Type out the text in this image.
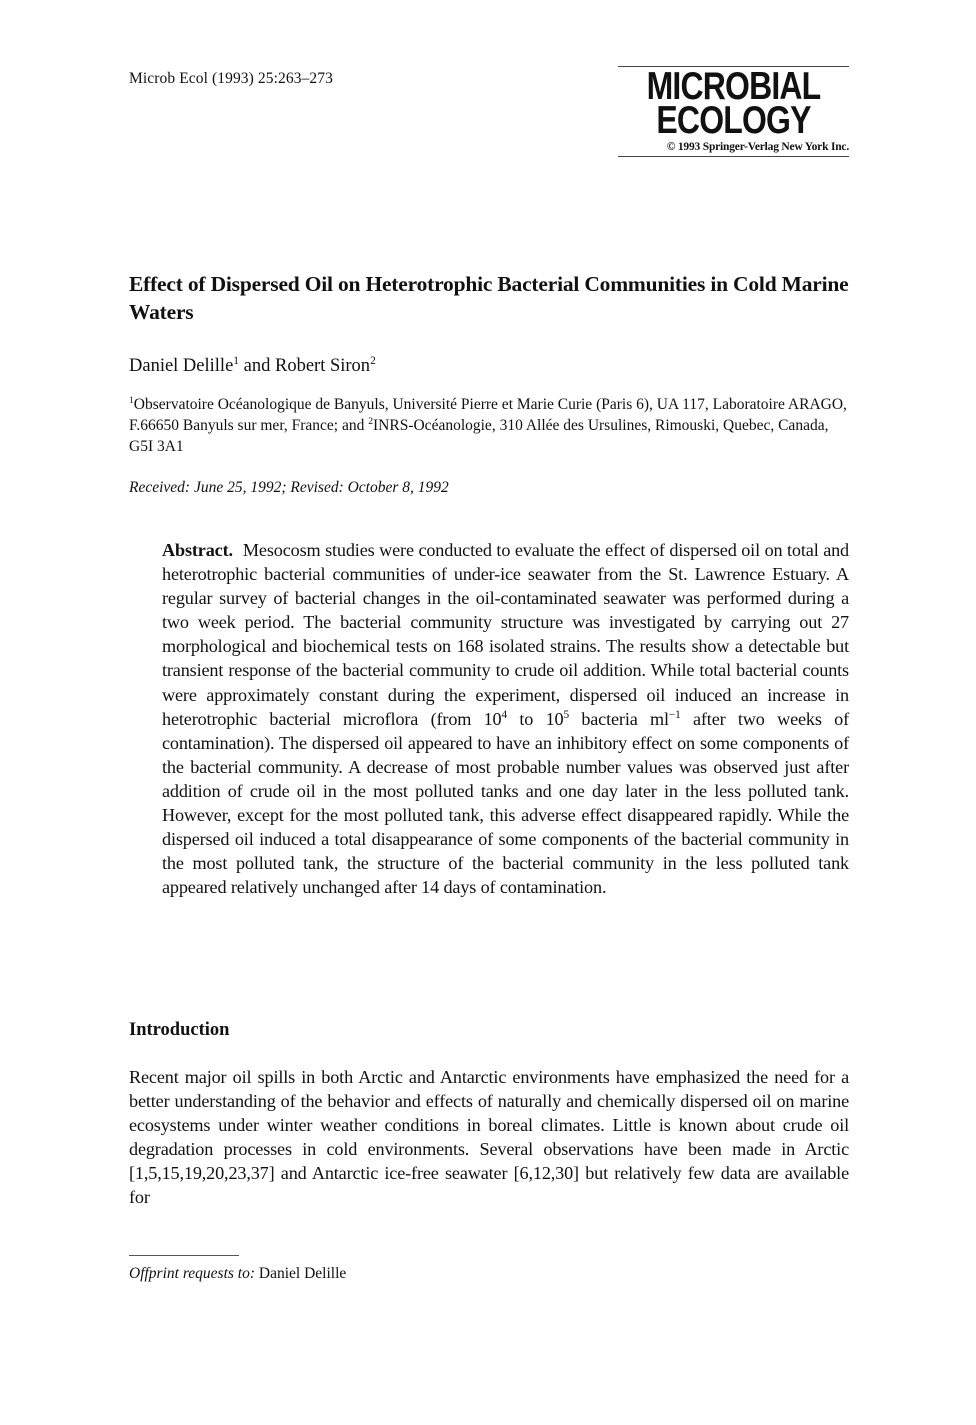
Microb Ecol (1993) 25:263–273	MICROBIAL
ECOLOGY
© 1993 Springer-Verlag New York Inc.
Effect of Dispersed Oil on Heterotrophic Bacterial Communities in Cold Marine Waters
Daniel Delille$^1$ and Robert Siron$^2$
$^1$Observatoire Océanologique de Banyuls, Université Pierre et Marie Curie (Paris 6), UA 117, Laboratoire ARAGO, F.66650 Banyuls sur mer, France; and $^2$INRS-Océanologie, 310 Allée des Ursulines, Rimouski, Quebec, Canada, G5I 3A1
Received: June 25, 1992; Revised: October 8, 1992
Abstract. Mesocosm studies were conducted to evaluate the effect of dispersed oil on total and heterotrophic bacterial communities of under-ice seawater from the St. Lawrence Estuary. A regular survey of bacterial changes in the oil-contaminated seawater was performed during a two week period. The bacterial community structure was investigated by carrying out 27 morphological and biochemical tests on 168 isolated strains. The results show a detectable but transient response of the bacterial community to crude oil addition. While total bacterial counts were approximately constant during the experiment, dispersed oil induced an increase in heterotrophic bacterial microflora (from $10^4$ to $10^5$ bacteria $ml^{-1}$ after two weeks of contamination). The dispersed oil appeared to have an inhibitory effect on some components of the bacterial community. A decrease of most probable number values was observed just after addition of crude oil in the most polluted tanks and one day later in the less polluted tank. However, except for the most polluted tank, this adverse effect disappeared rapidly. While the dispersed oil induced a total disappearance of some components of the bacterial community in the most polluted tank, the structure of the bacterial community in the less polluted tank appeared relatively unchanged after 14 days of contamination.
Introduction
Recent major oil spills in both Arctic and Antarctic environments have emphasized the need for a better understanding of the behavior and effects of naturally and chemically dispersed oil on marine ecosystems under winter weather conditions in boreal climates. Little is known about crude oil degradation processes in cold environments. Several observations have been made in Arctic [1,5,15,19,20,23,37] and Antarctic ice-free seawater [6,12,30] but relatively few data are available for
Offprint requests to: Daniel Delille
